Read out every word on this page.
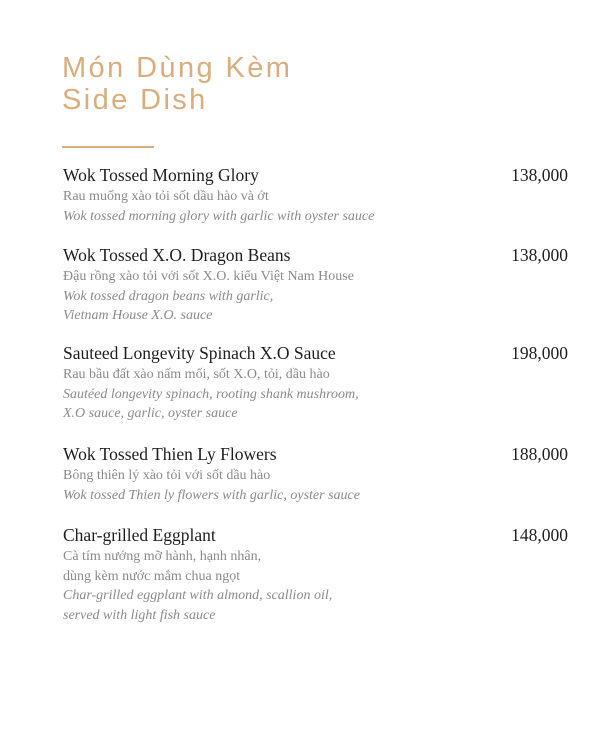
Món Dùng Kèm
Side Dish
Wok Tossed Morning Glory	138,000
Rau muống xào tỏi sốt dầu hào và ớt
Wok tossed morning glory with garlic with oyster sauce
Wok Tossed X.O. Dragon Beans	138,000
Đậu rồng xào tỏi với sốt X.O. kiểu Việt Nam House
Wok tossed dragon beans with garlic,
Vietnam House X.O. sauce
Sauteed Longevity Spinach X.O Sauce	198,000
Rau bầu đất xào nấm mối, sốt X.O, tỏi, dầu hào
Sautéed longevity spinach, rooting shank mushroom,
X.O sauce, garlic, oyster sauce
Wok Tossed Thien Ly Flowers	188,000
Bông thiên lý xào tỏi với sốt dầu hào
Wok tossed Thien ly flowers with garlic, oyster sauce
Char-grilled Eggplant	148,000
Cà tím nướng mỡ hành, hạnh nhân,
dùng kèm nước mắm chua ngọt
Char-grilled eggplant with almond, scallion oil,
served with light fish sauce
